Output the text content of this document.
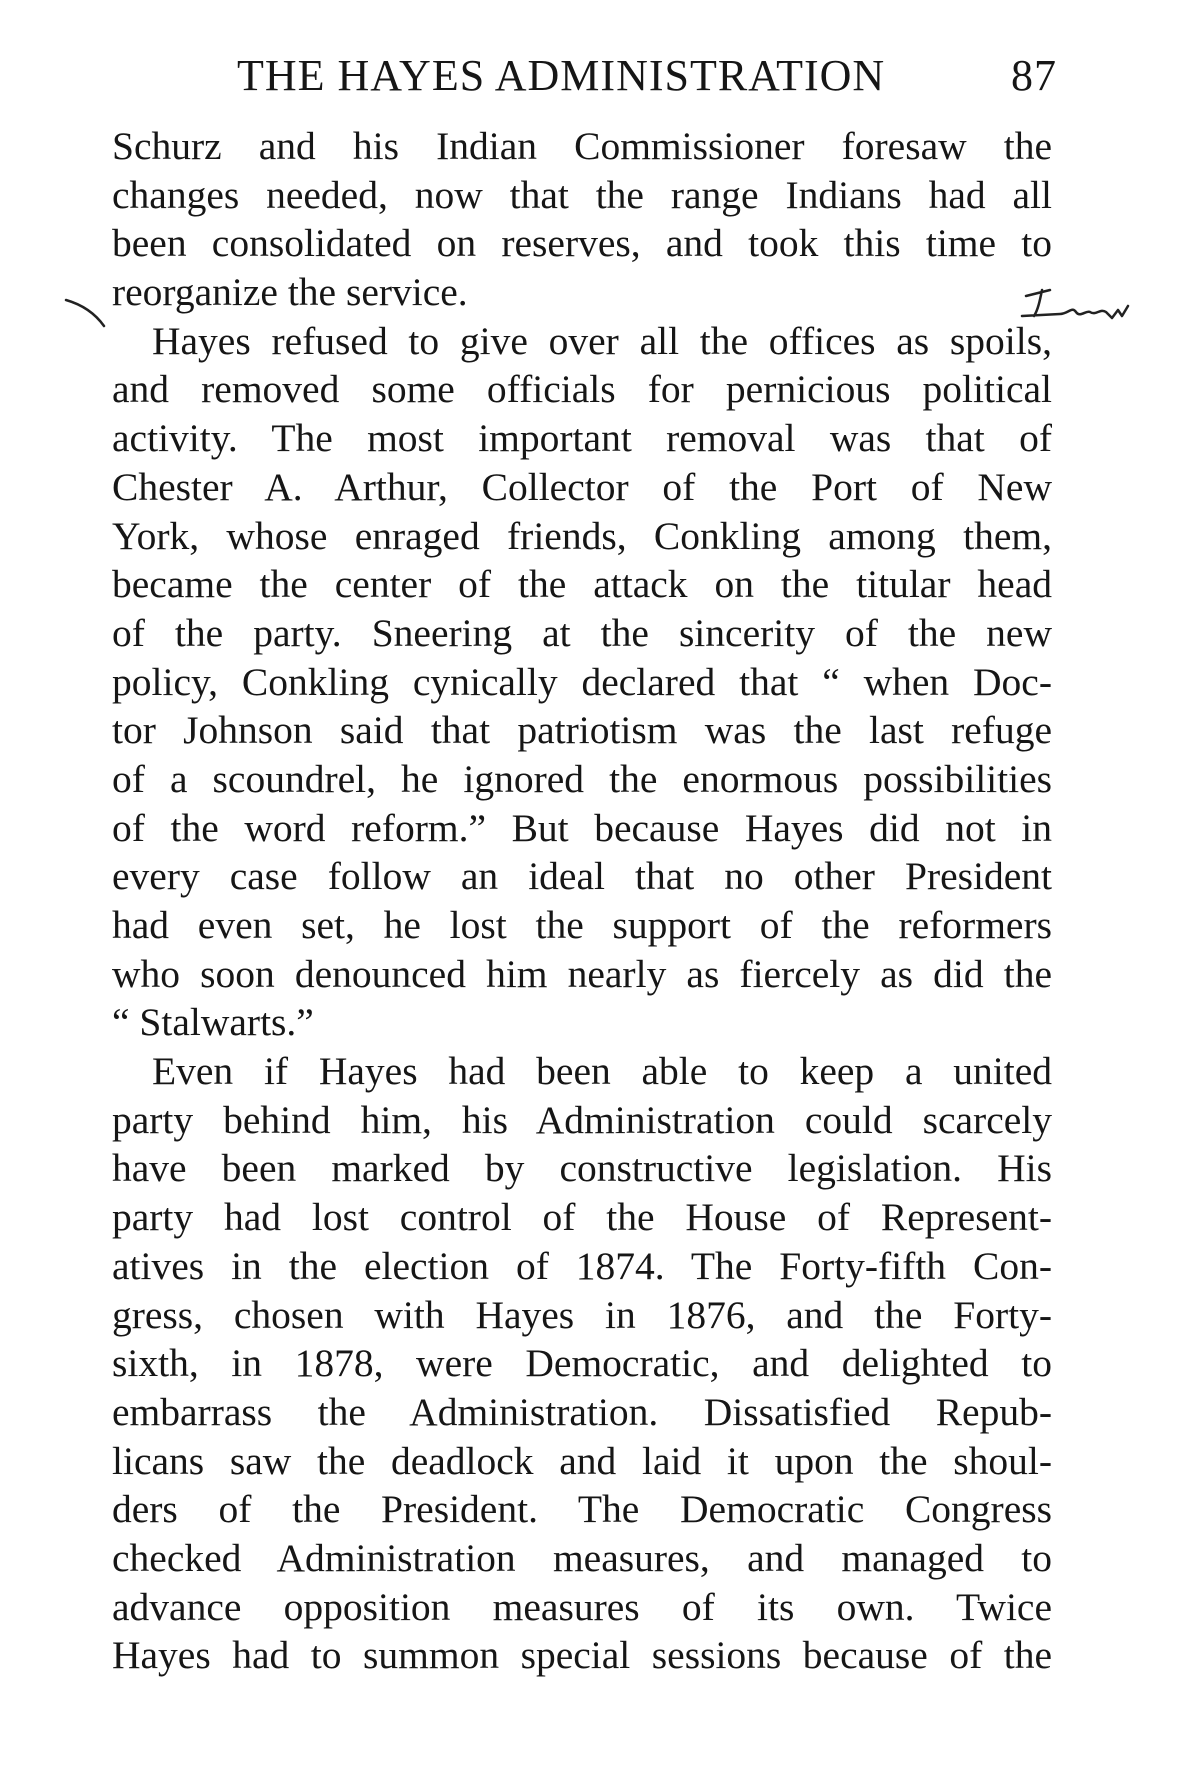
THE HAYES ADMINISTRATION	87
Schurz and his Indian Commissioner foresaw the
changes needed, now that the range Indians had all
been consolidated on reserves, and took this time to
reorganize the service.
Hayes refused to give over all the offices as spoils,
and removed some officials for pernicious political
activity. The most important removal was that of
Chester A. Arthur, Collector of the Port of New
York, whose enraged friends, Conkling among them,
became the center of the attack on the titular head
of the party. Sneering at the sincerity of the new
policy, Conkling cynically declared that “ when Doc-
tor Johnson said that patriotism was the last refuge
of a scoundrel, he ignored the enormous possibilities
of the word reform.” But because Hayes did not in
every case follow an ideal that no other President
had even set, he lost the support of the reformers
who soon denounced him nearly as fiercely as did the
“ Stalwarts.”
Even if Hayes had been able to keep a united
party behind him, his Administration could scarcely
have been marked by constructive legislation. His
party had lost control of the House of Represent-
atives in the election of 1874. The Forty-fifth Con-
gress, chosen with Hayes in 1876, and the Forty-
sixth, in 1878, were Democratic, and delighted to
embarrass the Administration. Dissatisfied Repub-
licans saw the deadlock and laid it upon the shoul-
ders of the President. The Democratic Congress
checked Administration measures, and managed to
advance opposition measures of its own. Twice
Hayes had to summon special sessions because of the
